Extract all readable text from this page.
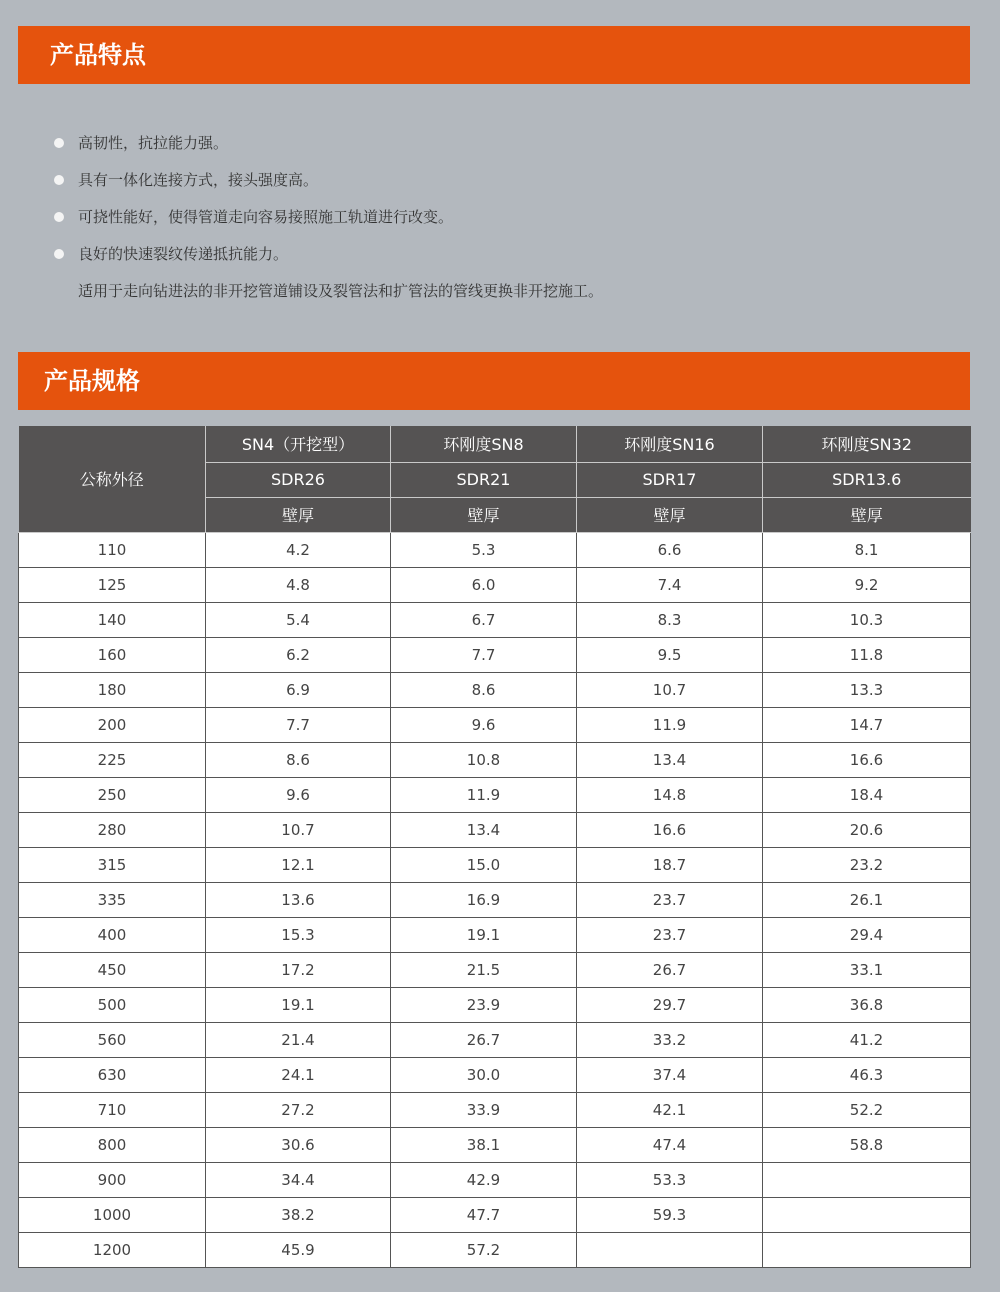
产品特点
高韧性，抗拉能力强。
具有一体化连接方式，接头强度高。
可挠性能好，使得管道走向容易接照施工轨道进行改变。
良好的快速裂纹传递抵抗能力。
适用于走向钻进法的非开挖管道铺设及裂管法和扩管法的管线更换非开挖施工。
产品规格
公称外径	SN4（开挖型）	环刚度SN8	环刚度SN16	环刚度SN32
	SDR26	SDR21	SDR17	SDR13.6
	壁厚	壁厚	壁厚	壁厚
110	4.2	5.3	6.6	8.1
125	4.8	6.0	7.4	9.2
140	5.4	6.7	8.3	10.3
160	6.2	7.7	9.5	11.8
180	6.9	8.6	10.7	13.3
200	7.7	9.6	11.9	14.7
225	8.6	10.8	13.4	16.6
250	9.6	11.9	14.8	18.4
280	10.7	13.4	16.6	20.6
315	12.1	15.0	18.7	23.2
335	13.6	16.9	23.7	26.1
400	15.3	19.1	23.7	29.4
450	17.2	21.5	26.7	33.1
500	19.1	23.9	29.7	36.8
560	21.4	26.7	33.2	41.2
630	24.1	30.0	37.4	46.3
710	27.2	33.9	42.1	52.2
800	30.6	38.1	47.4	58.8
900	34.4	42.9	53.3	
1000	38.2	47.7	59.3	
1200	45.9	57.2		
